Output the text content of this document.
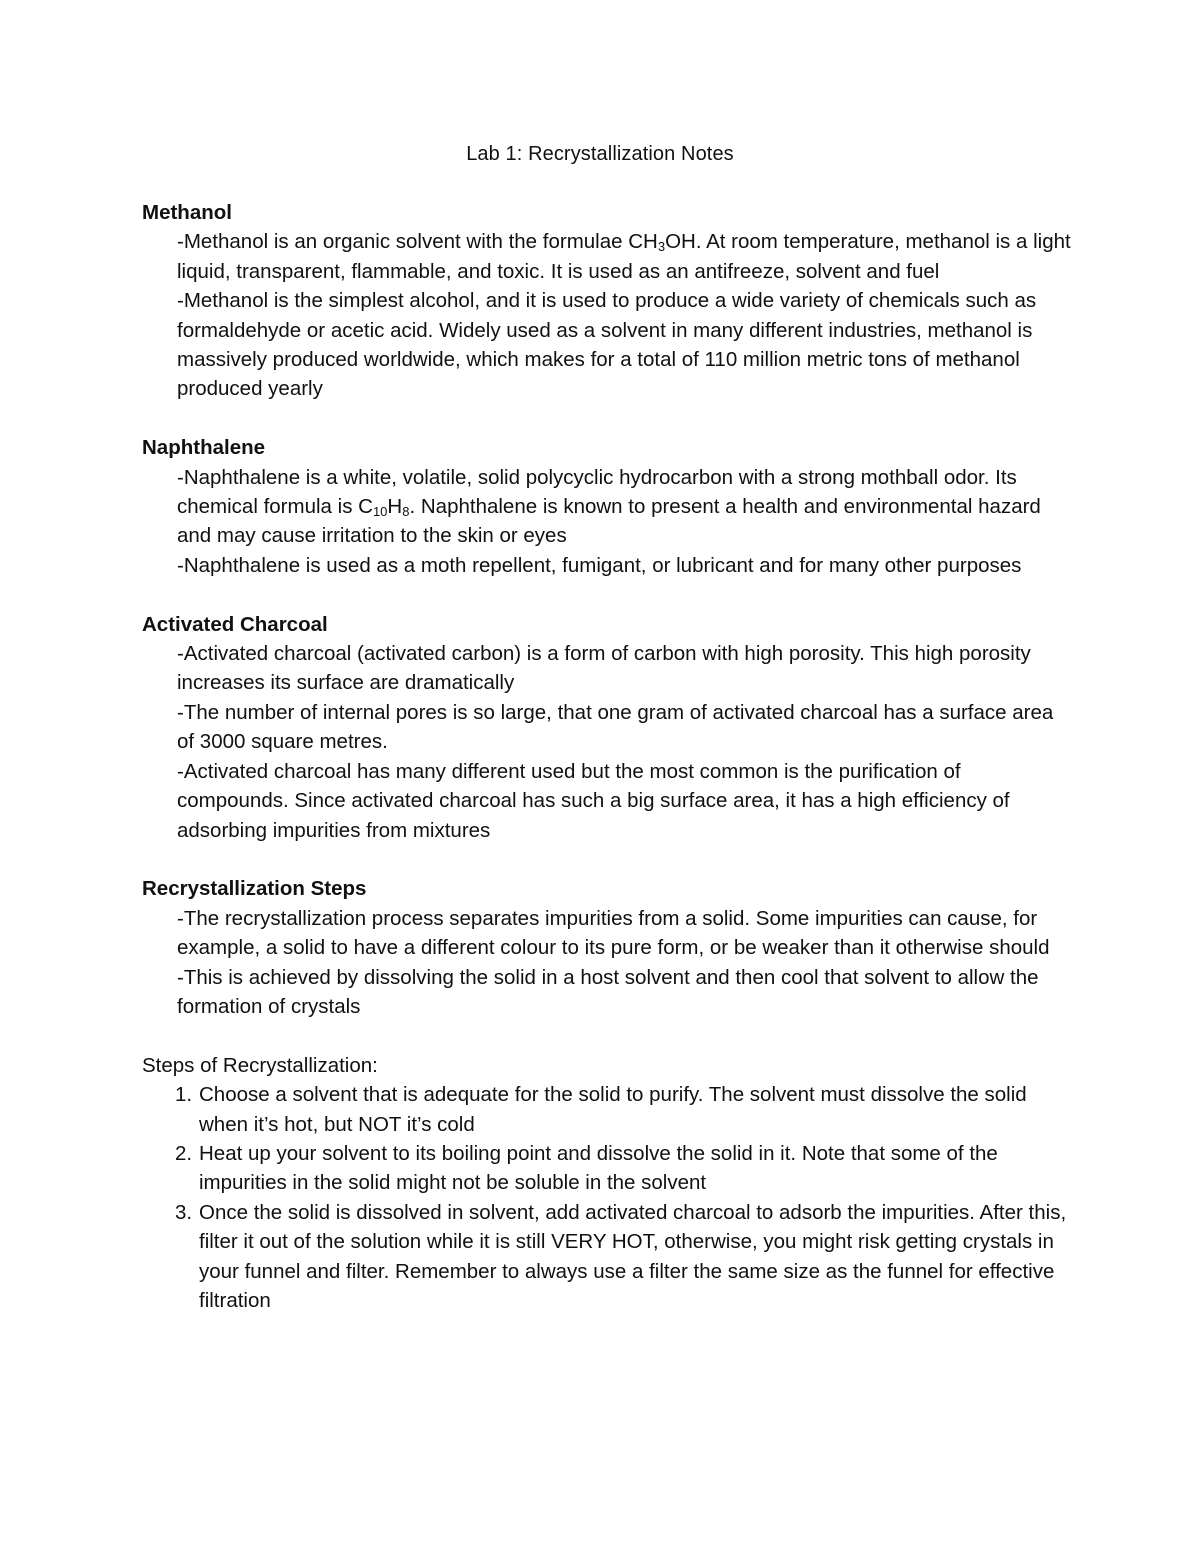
Lab 1: Recrystallization Notes

Methanol

-Methanol is an organic solvent with the formulae $CH_3OH$. At room temperature, methanol is a light liquid, transparent, flammable, and toxic. It is used as an antifreeze, solvent and fuel

-Methanol is the simplest alcohol, and it is used to produce a wide variety of chemicals such as formaldehyde or acetic acid. Widely used as a solvent in many different industries, methanol is massively produced worldwide, which makes for a total of 110 million metric tons of methanol produced yearly

Naphthalene

-Naphthalene is a white, volatile, solid polycyclic hydrocarbon with a strong mothball odor. Its chemical formula is $C_{10}H_8$. Naphthalene is known to present a health and environmental hazard and may cause irritation to the skin or eyes

-Naphthalene is used as a moth repellent, fumigant, or lubricant and for many other purposes

Activated Charcoal

-Activated charcoal (activated carbon) is a form of carbon with high porosity. This high porosity increases its surface are dramatically

-The number of internal pores is so large, that one gram of activated charcoal has a surface area of 3000 square metres.

-Activated charcoal has many different used but the most common is the purification of compounds. Since activated charcoal has such a big surface area, it has a high efficiency of adsorbing impurities from mixtures

Recrystallization Steps

-The recrystallization process separates impurities from a solid. Some impurities can cause, for example, a solid to have a different colour to its pure form, or be weaker than it otherwise should

-This is achieved by dissolving the solid in a host solvent and then cool that solvent to allow the formation of crystals

Steps of Recrystallization:

1. Choose a solvent that is adequate for the solid to purify. The solvent must dissolve the solid when it’s hot, but NOT it’s cold

2. Heat up your solvent to its boiling point and dissolve the solid in it. Note that some of the impurities in the solid might not be soluble in the solvent

3. Once the solid is dissolved in solvent, add activated charcoal to adsorb the impurities. After this, filter it out of the solution while it is still VERY HOT, otherwise, you might risk getting crystals in your funnel and filter. Remember to always use a filter the same size as the funnel for effective filtration
